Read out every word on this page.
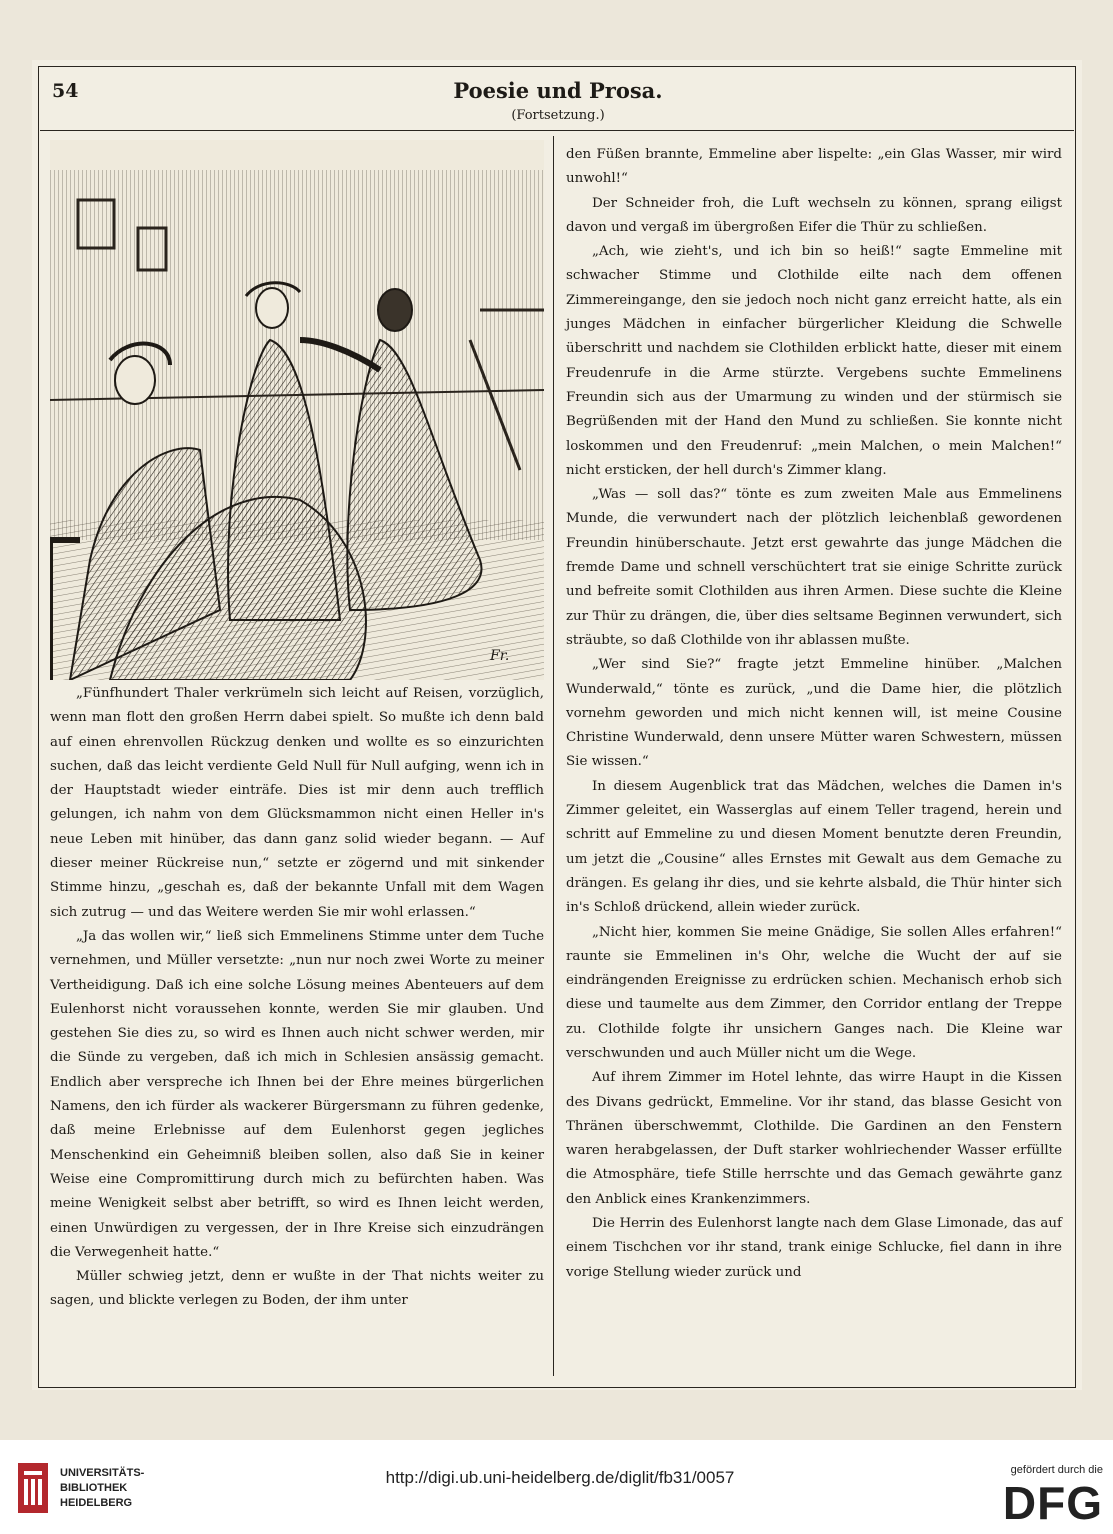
54	Poesie und Prosa.
(Fortsetzung.)
Fr.

„Fünfhundert Thaler verkrümeln sich leicht auf Reisen, vorzüglich, wenn man flott den großen Herrn dabei spielt. So mußte ich denn bald auf einen ehrenvollen Rückzug denken und wollte es so einzurichten suchen, daß das leicht verdiente Geld Null für Null aufging, wenn ich in der Hauptstadt wieder einträfe. Dies ist mir denn auch trefflich gelungen, ich nahm von dem Glücksmammon nicht einen Heller in's neue Leben mit hinüber, das dann ganz solid wieder begann. — Auf dieser meiner Rückreise nun,“ setzte er zögernd und mit sinkender Stimme hinzu, „geschah es, daß der bekannte Unfall mit dem Wagen sich zutrug — und das Weitere werden Sie mir wohl erlassen.“

„Ja das wollen wir,“ ließ sich Emmelinens Stimme unter dem Tuche vernehmen, und Müller versetzte: „nun nur noch zwei Worte zu meiner Vertheidigung. Daß ich eine solche Lösung meines Abenteuers auf dem Eulenhorst nicht voraussehen konnte, werden Sie mir glauben. Und gestehen Sie dies zu, so wird es Ihnen auch nicht schwer werden, mir die Sünde zu vergeben, daß ich mich in Schlesien ansässig gemacht. Endlich aber verspreche ich Ihnen bei der Ehre meines bürgerlichen Namens, den ich fürder als wackerer Bürgersmann zu führen gedenke, daß meine Erlebnisse auf dem Eulenhorst gegen jegliches Menschenkind ein Geheimniß bleiben sollen, also daß Sie in keiner Weise eine Compromittirung durch mich zu befürchten haben. Was meine Wenigkeit selbst aber betrifft, so wird es Ihnen leicht werden, einen Unwürdigen zu vergessen, der in Ihre Kreise sich einzudrängen die Verwegenheit hatte.“

Müller schwieg jetzt, denn er wußte in der That nichts weiter zu sagen, und blickte verlegen zu Boden, der ihm unter

den Füßen brannte, Emmeline aber lispelte: „ein Glas Wasser, mir wird unwohl!“

Der Schneider froh, die Luft wechseln zu können, sprang eiligst davon und vergaß im übergroßen Eifer die Thür zu schließen.

„Ach, wie zieht's, und ich bin so heiß!“ sagte Emmeline mit schwacher Stimme und Clothilde eilte nach dem offenen Zimmereingange, den sie jedoch noch nicht ganz erreicht hatte, als ein junges Mädchen in einfacher bürgerlicher Kleidung die Schwelle überschritt und nachdem sie Clothilden erblickt hatte, dieser mit einem Freudenrufe in die Arme stürzte. Vergebens suchte Emmelinens Freundin sich aus der Umarmung zu winden und der stürmisch sie Begrüßenden mit der Hand den Mund zu schließen. Sie konnte nicht loskommen und den Freudenruf: „mein Malchen, o mein Malchen!“ nicht ersticken, der hell durch's Zimmer klang.

„Was — soll das?“ tönte es zum zweiten Male aus Emmelinens Munde, die verwundert nach der plötzlich leichenblaß gewordenen Freundin hinüberschaute. Jetzt erst gewahrte das junge Mädchen die fremde Dame und schnell verschüchtert trat sie einige Schritte zurück und befreite somit Clothilden aus ihren Armen. Diese suchte die Kleine zur Thür zu drängen, die, über dies seltsame Beginnen verwundert, sich sträubte, so daß Clothilde von ihr ablassen mußte.

„Wer sind Sie?“ fragte jetzt Emmeline hinüber. „Malchen Wunderwald,“ tönte es zurück, „und die Dame hier, die plötzlich vornehm geworden und mich nicht kennen will, ist meine Cousine Christine Wunderwald, denn unsere Mütter waren Schwestern, müssen Sie wissen.“

In diesem Augenblick trat das Mädchen, welches die Damen in's Zimmer geleitet, ein Wasserglas auf einem Teller tragend, herein und schritt auf Emmeline zu und diesen Moment benutzte deren Freundin, um jetzt die „Cousine“ alles Ernstes mit Gewalt aus dem Gemache zu drängen. Es gelang ihr dies, und sie kehrte alsbald, die Thür hinter sich in's Schloß drückend, allein wieder zurück.

„Nicht hier, kommen Sie meine Gnädige, Sie sollen Alles erfahren!“ raunte sie Emmelinen in's Ohr, welche die Wucht der auf sie eindrängenden Ereignisse zu erdrücken schien. Mechanisch erhob sich diese und taumelte aus dem Zimmer, den Corridor entlang der Treppe zu. Clothilde folgte ihr unsichern Ganges nach. Die Kleine war verschwunden und auch Müller nicht um die Wege.

Auf ihrem Zimmer im Hotel lehnte, das wirre Haupt in die Kissen des Divans gedrückt, Emmeline. Vor ihr stand, das blasse Gesicht von Thränen überschwemmt, Clothilde. Die Gardinen an den Fenstern waren herabgelassen, der Duft starker wohlriechender Wasser erfüllte die Atmosphäre, tiefe Stille herrschte und das Gemach gewährte ganz den Anblick eines Krankenzimmers.

Die Herrin des Eulenhorst langte nach dem Glase Limonade, das auf einem Tischchen vor ihr stand, trank einige Schlucke, fiel dann in ihre vorige Stellung wieder zurück und

UNIVERSITÄTS-
BIBLIOTHEK
HEIDELBERG
http://digi.ub.uni-heidelberg.de/diglit/fb31/0057	gefördert durch die
DFG
